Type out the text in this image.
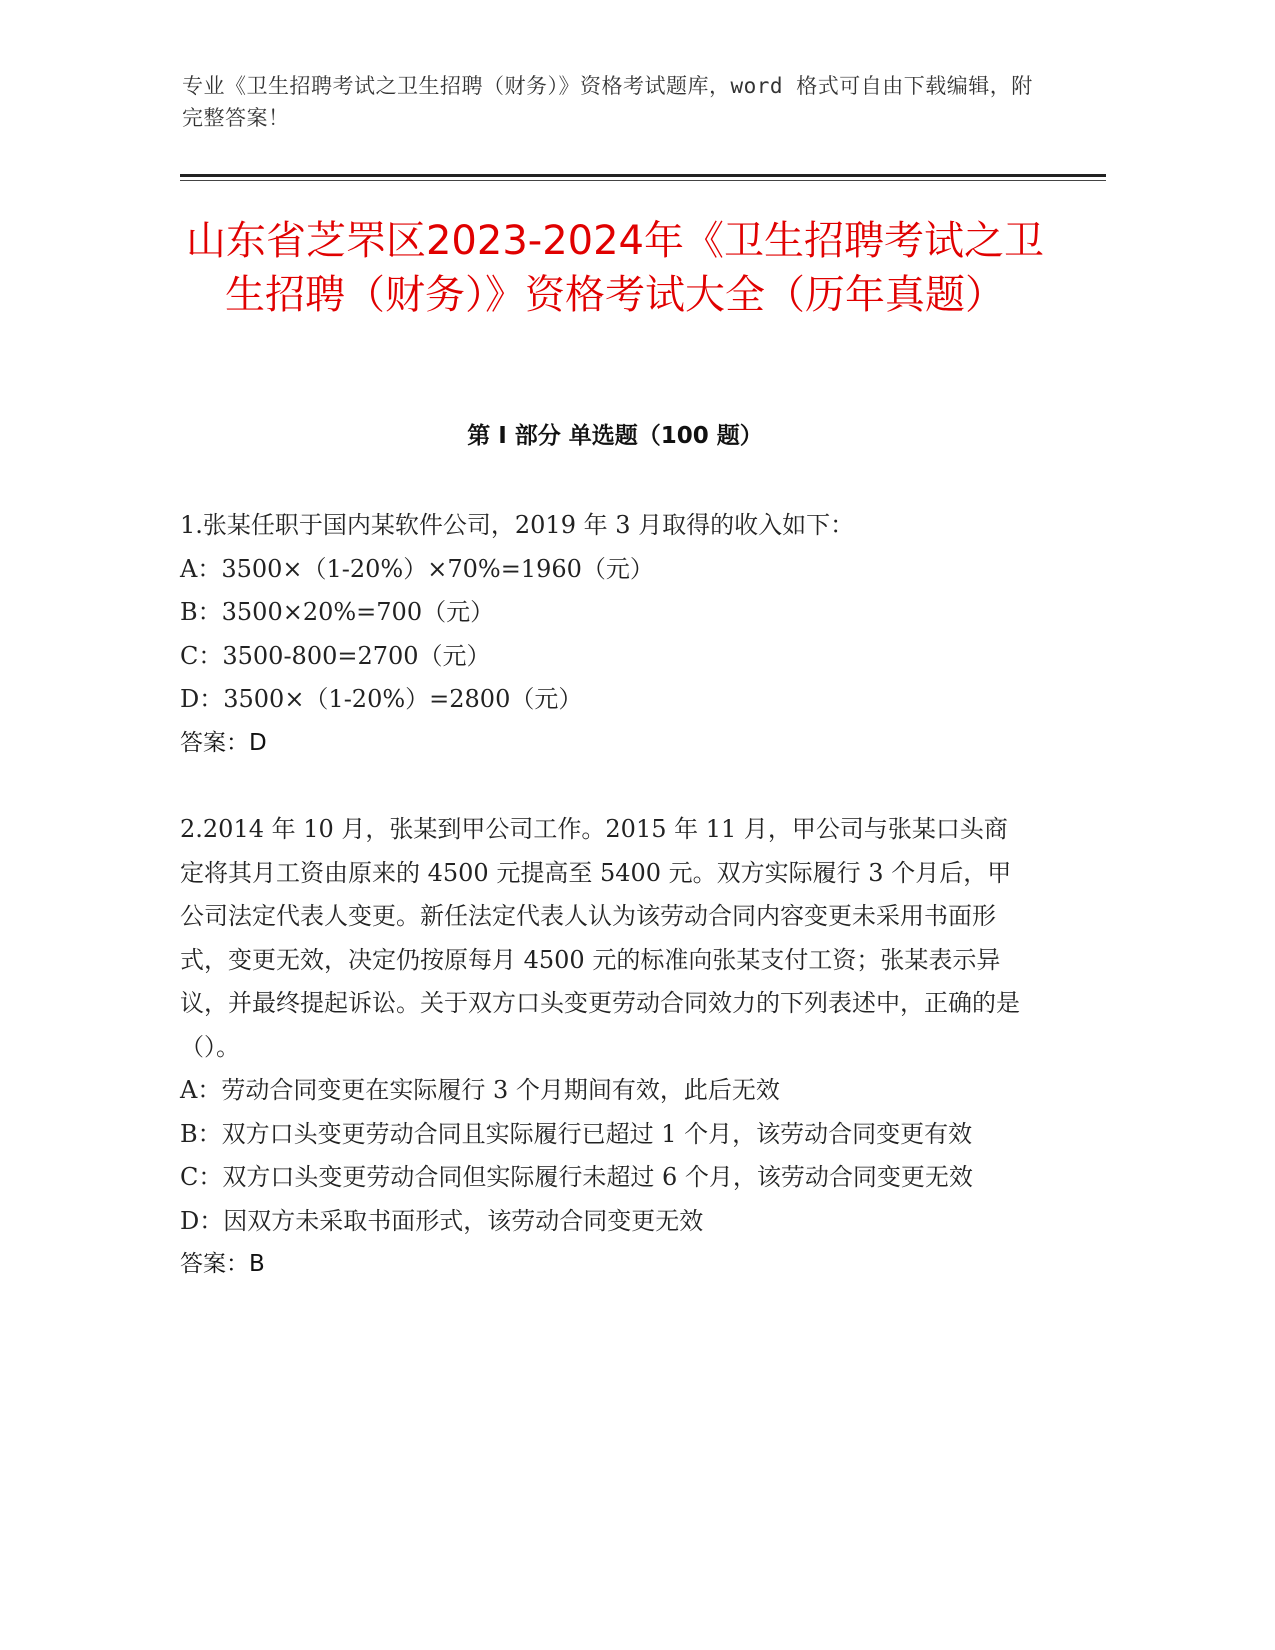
专业《卫生招聘考试之卫生招聘（财务）》资格考试题库，word 格式可自由下载编辑，附完整答案！
山东省芝罘区2023-2024年《卫生招聘考试之卫生招聘（财务）》资格考试大全（历年真题）
第 I 部分 单选题（100 题）
1.张某任职于国内某软件公司，2019 年 3 月取得的收入如下：
A：3500×（1-20%）×70%=1960（元）
B：3500×20%=700（元）
C：3500-800=2700（元）
D：3500×（1-20%）=2800（元）
答案：D
2.2014 年 10 月，张某到甲公司工作。2015 年 11 月，甲公司与张某口头商定将其月工资由原来的 4500 元提高至 5400 元。双方实际履行 3 个月后，甲公司法定代表人变更。新任法定代表人认为该劳动合同内容变更未采用书面形式，变更无效，决定仍按原每月 4500 元的标准向张某支付工资；张某表示异议，并最终提起诉讼。关于双方口头变更劳动合同效力的下列表述中，正确的是（）。
A：劳动合同变更在实际履行 3 个月期间有效，此后无效
B：双方口头变更劳动合同且实际履行已超过 1 个月，该劳动合同变更有效
C：双方口头变更劳动合同但实际履行未超过 6 个月，该劳动合同变更无效
D：因双方未采取书面形式，该劳动合同变更无效
答案：B
